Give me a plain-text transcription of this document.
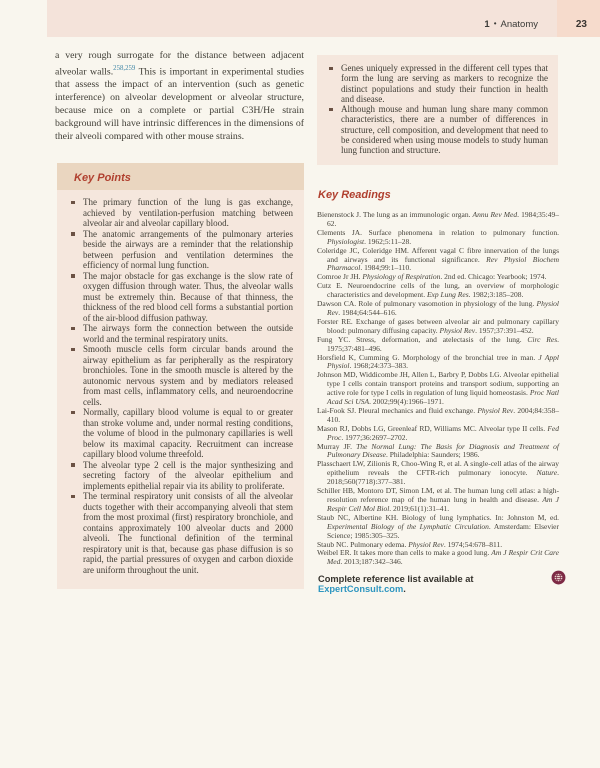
1 • Anatomy	23

a very rough surrogate for the distance between adjacent alveolar walls.$^{258,259}$ This is important in experimental studies that assess the impact of an intervention (such as genetic interference) on alveolar development or alveolar structure, because mice on a complete or partial C3H/He strain background will have intrinsic differences in the dimensions of their alveoli compared with other mouse strains.

Key Points
The primary function of the lung is gas exchange, achieved by ventilation-perfusion matching between alveolar air and alveolar capillary blood.
The anatomic arrangements of the pulmonary arteries beside the airways are a reminder that the relationship between perfusion and ventilation determines the efficiency of normal lung function.
The major obstacle for gas exchange is the slow rate of oxygen diffusion through water. Thus, the alveolar walls must be extremely thin. Because of that thinness, the thickness of the red blood cell forms a substantial portion of the air-blood diffusion pathway.
The airways form the connection between the outside world and the terminal respiratory units.
Smooth muscle cells form circular bands around the airway epithelium as far peripherally as the respiratory bronchioles. Tone in the smooth muscle is altered by the autonomic nervous system and by mediators released from mast cells, inflammatory cells, and neuroendocrine cells.
Normally, capillary blood volume is equal to or greater than stroke volume and, under normal resting conditions, the volume of blood in the pulmonary capillaries is well below its maximal capacity. Recruitment can increase capillary blood volume threefold.
The alveolar type 2 cell is the major synthesizing and secreting factory of the alveolar epithelium and implements epithelial repair via its ability to proliferate.
The terminal respiratory unit consists of all the alveolar ducts together with their accompanying alveoli that stem from the most proximal (first) respiratory bronchiole, and contains approximately 100 alveolar ducts and 2000 alveoli. The functional definition of the terminal respiratory unit is that, because gas phase diffusion is so rapid, the partial pressures of oxygen and carbon dioxide are uniform throughout the unit.
Genes uniquely expressed in the different cell types that form the lung are serving as markers to recognize the distinct populations and study their function in health and disease.
Although mouse and human lung share many common characteristics, there are a number of differences in structure, cell composition, and development that need to be considered when using mouse models to study human lung function and structure.
Key Readings

Bienenstock J. The lung as an immunologic organ. Annu Rev Med. 1984;35:49–62.

Clements JA. Surface phenomena in relation to pulmonary function. Physiologist. 1962;5:11–28.

Coleridge JC, Coleridge HM. Afferent vagal C fibre innervation of the lungs and airways and its functional significance. Rev Physiol Biochem Pharmacol. 1984;99:1–110.

Comroe Jr JH. Physiology of Respiration. 2nd ed. Chicago: Yearbook; 1974.

Cutz E. Neuroendocrine cells of the lung, an overview of morphologic characteristics and development. Exp Lung Res. 1982;3:185–208.

Dawson CA. Role of pulmonary vasomotion in physiology of the lung. Physiol Rev. 1984;64:544–616.

Forster RE. Exchange of gases between alveolar air and pulmonary capillary blood: pulmonary diffusing capacity. Physiol Rev. 1957;37:391–452.

Fung YC. Stress, deformation, and atelectasis of the lung. Circ Res. 1975;37:481–496.

Horsfield K, Cumming G. Morphology of the bronchial tree in man. J Appl Physiol. 1968;24:373–383.

Johnson MD, Widdicombe JH, Allen L, Barbry P, Dobbs LG. Alveolar epithelial type I cells contain transport proteins and transport sodium, supporting an active role for type I cells in regulation of lung liquid homeostasis. Proc Natl Acad Sci USA. 2002;99(4):1966–1971.

Lai-Fook SJ. Pleural mechanics and fluid exchange. Physiol Rev. 2004;84:358–410.

Mason RJ, Dobbs LG, Greenleaf RD, Williams MC. Alveolar type II cells. Fed Proc. 1977;36:2697–2702.

Murray JF. The Normal Lung: The Basis for Diagnosis and Treatment of Pulmonary Disease. Philadelphia: Saunders; 1986.

Plasschaert LW, Zilionis R, Choo-Wing R, et al. A single-cell atlas of the airway epithelium reveals the CFTR-rich pulmonary ionocyte. Nature. 2018;560(7718):377–381.

Schiller HB, Montoro DT, Simon LM, et al. The human lung cell atlas: a high-resolution reference map of the human lung in health and disease. Am J Respir Cell Mol Biol. 2019;61(1):31–41.

Staub NC, Albertine KH. Biology of lung lymphatics. In: Johnston M, ed. Experimental Biology of the Lymphatic Circulation. Amsterdam: Elsevier Science; 1985:305–325.

Staub NC. Pulmonary edema. Physiol Rev. 1974;54:678–811.

Weibel ER. It takes more than cells to make a good lung. Am J Respir Crit Care Med. 2013;187:342–346.

Complete reference list available at ExpertConsult.com.
